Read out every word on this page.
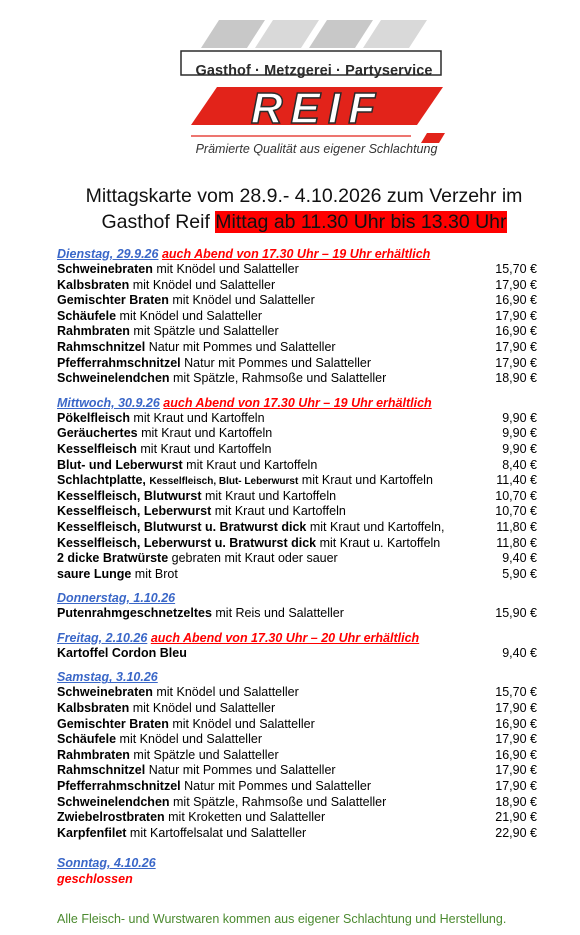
REIF
Gasthof · Metzgerei · Partyservice
Prämierte Qualität aus eigener Schlachtung
Mittagskarte vom 28.9.- 4.10.2026 zum Verzehr im
Gasthof Reif Mittag ab 11.30 Uhr bis 13.30 Uhr
Dienstag, 29.9.26 auch Abend von 17.30 Uhr – 19 Uhr erhältlich
Schweinebraten mit Knödel und Salatteller	15,70 €
Kalbsbraten mit Knödel und Salatteller	17,90 €
Gemischter Braten mit Knödel und Salatteller	16,90 €
Schäufele mit Knödel und Salatteller	17,90 €
Rahmbraten mit Spätzle und Salatteller	16,90 €
Rahmschnitzel Natur mit Pommes und Salatteller	17,90 €
Pfefferrahmschnitzel Natur mit Pommes und Salatteller	17,90 €
Schweinelendchen mit Spätzle, Rahmsoße und Salatteller	18,90 €
Mittwoch, 30.9.26 auch Abend von 17.30 Uhr – 19 Uhr erhältlich
Pökelfleisch mit Kraut und Kartoffeln	9,90 €
Geräuchertes mit Kraut und Kartoffeln	9,90 €
Kesselfleisch mit Kraut und Kartoffeln	9,90 €
Blut- und Leberwurst mit Kraut und Kartoffeln	8,40 €
Schlachtplatte, Kesselfleisch, Blut- Leberwurst mit Kraut und Kartoffeln	11,40 €
Kesselfleisch, Blutwurst mit Kraut und Kartoffeln	10,70 €
Kesselfleisch, Leberwurst mit Kraut und Kartoffeln	10,70 €
Kesselfleisch, Blutwurst u. Bratwurst dick mit Kraut und Kartoffeln,	11,80 €
Kesselfleisch, Leberwurst u. Bratwurst dick mit Kraut u. Kartoffeln	11,80 €
2 dicke Bratwürste gebraten mit Kraut oder sauer	9,40 €
saure Lunge mit Brot	5,90 €
Donnerstag, 1.10.26
Putenrahmgeschnetzeltes mit Reis und Salatteller	15,90 €
Freitag, 2.10.26 auch Abend von 17.30 Uhr – 20 Uhr erhältlich
Kartoffel Cordon Bleu	9,40 €
Samstag, 3.10.26
Schweinebraten mit Knödel und Salatteller	15,70 €
Kalbsbraten mit Knödel und Salatteller	17,90 €
Gemischter Braten mit Knödel und Salatteller	16,90 €
Schäufele mit Knödel und Salatteller	17,90 €
Rahmbraten mit Spätzle und Salatteller	16,90 €
Rahmschnitzel Natur mit Pommes und Salatteller	17,90 €
Pfefferrahmschnitzel Natur mit Pommes und Salatteller	17,90 €
Schweinelendchen mit Spätzle, Rahmsoße und Salatteller	18,90 €
Zwiebelrostbraten mit Kroketten und Salatteller	21,90 €
Karpfenfilet mit Kartoffelsalat und Salatteller	22,90 €
Sonntag, 4.10.26
geschlossen
Alle Fleisch- und Wurstwaren kommen aus eigener Schlachtung und Herstellung.
